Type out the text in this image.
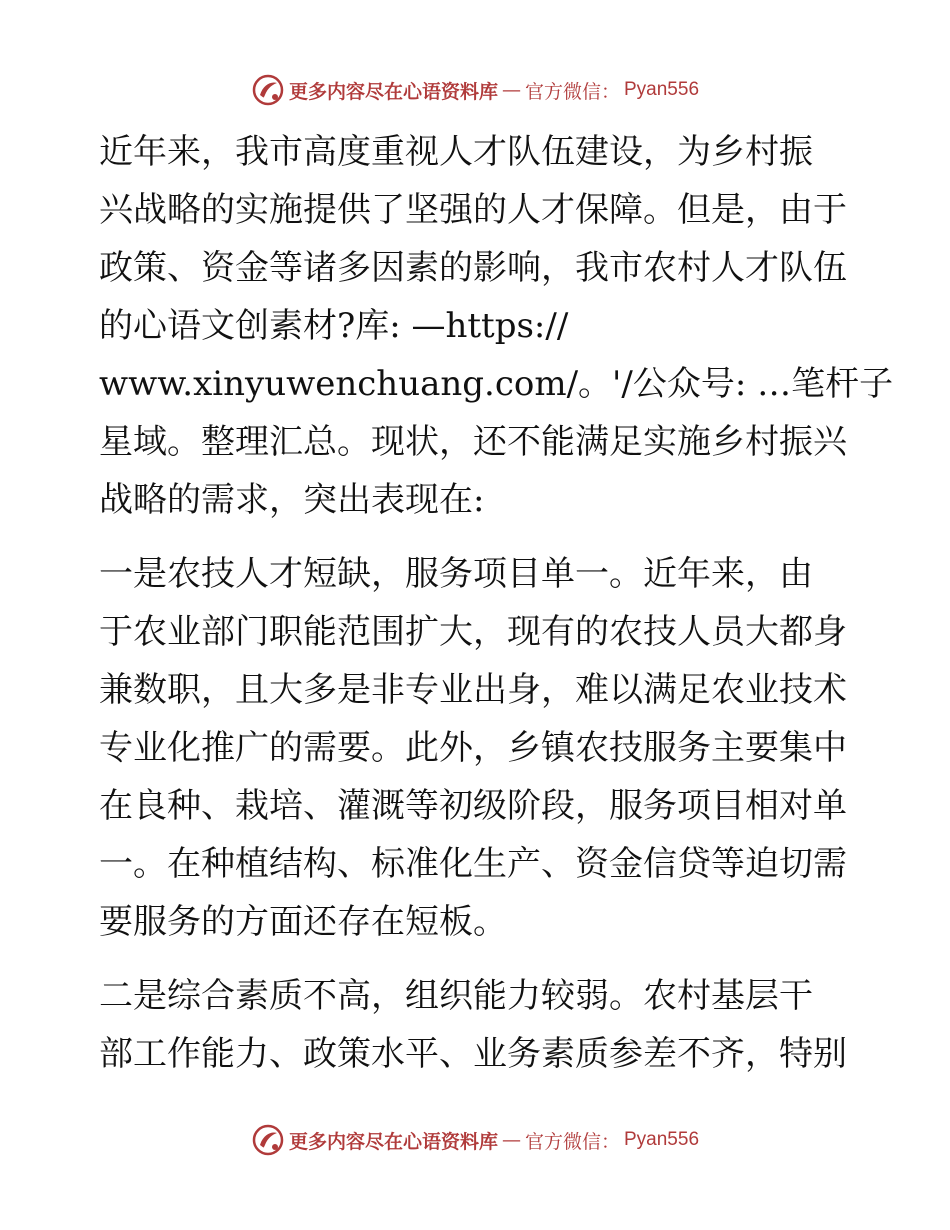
更多内容尽在心语资料库 — 官方微信： Pyan556
近年来，我市高度重视人才队伍建设，为乡村振
兴战略的实施提供了坚强的人才保障。但是，由于
政策、资金等诸多因素的影响，我市农村人才队伍
的心语文创素材?库: —https://
www.xinyuwenchuang.com/。'/公众号: …笔杆子
星域。整理汇总。现状，还不能满足实施乡村振兴
战略的需求，突出表现在:
一是农技人才短缺，服务项目单一。近年来，由
于农业部门职能范围扩大，现有的农技人员大都身
兼数职，且大多是非专业出身，难以满足农业技术
专业化推广的需要。此外，乡镇农技服务主要集中
在良种、栽培、灌溉等初级阶段，服务项目相对单
一。在种植结构、标准化生产、资金信贷等迫切需
要服务的方面还存在短板。
二是综合素质不高，组织能力较弱。农村基层干
部工作能力、政策水平、业务素质参差不齐，特别
更多内容尽在心语资料库 — 官方微信： Pyan556
